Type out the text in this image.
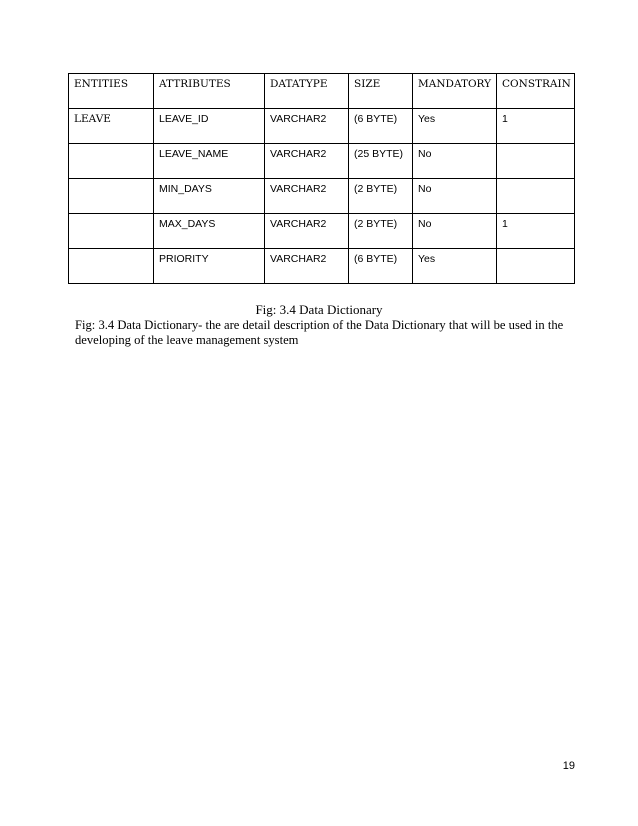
ENTITIES	ATTRIBUTES	DATATYPE	SIZE	MANDATORY	CONSTRAIN
LEAVE	LEAVE_ID	VARCHAR2	(6 BYTE)	Yes	1
	LEAVE_NAME	VARCHAR2	(25 BYTE)	No	
	MIN_DAYS	VARCHAR2	(2 BYTE)	No	
	MAX_DAYS	VARCHAR2	(2 BYTE)	No	1
	PRIORITY	VARCHAR2	(6 BYTE)	Yes	
Fig: 3.4 Data Dictionary
Fig: 3.4 Data Dictionary- the are detail description of the Data Dictionary that will be used in the developing of the leave management system
19
